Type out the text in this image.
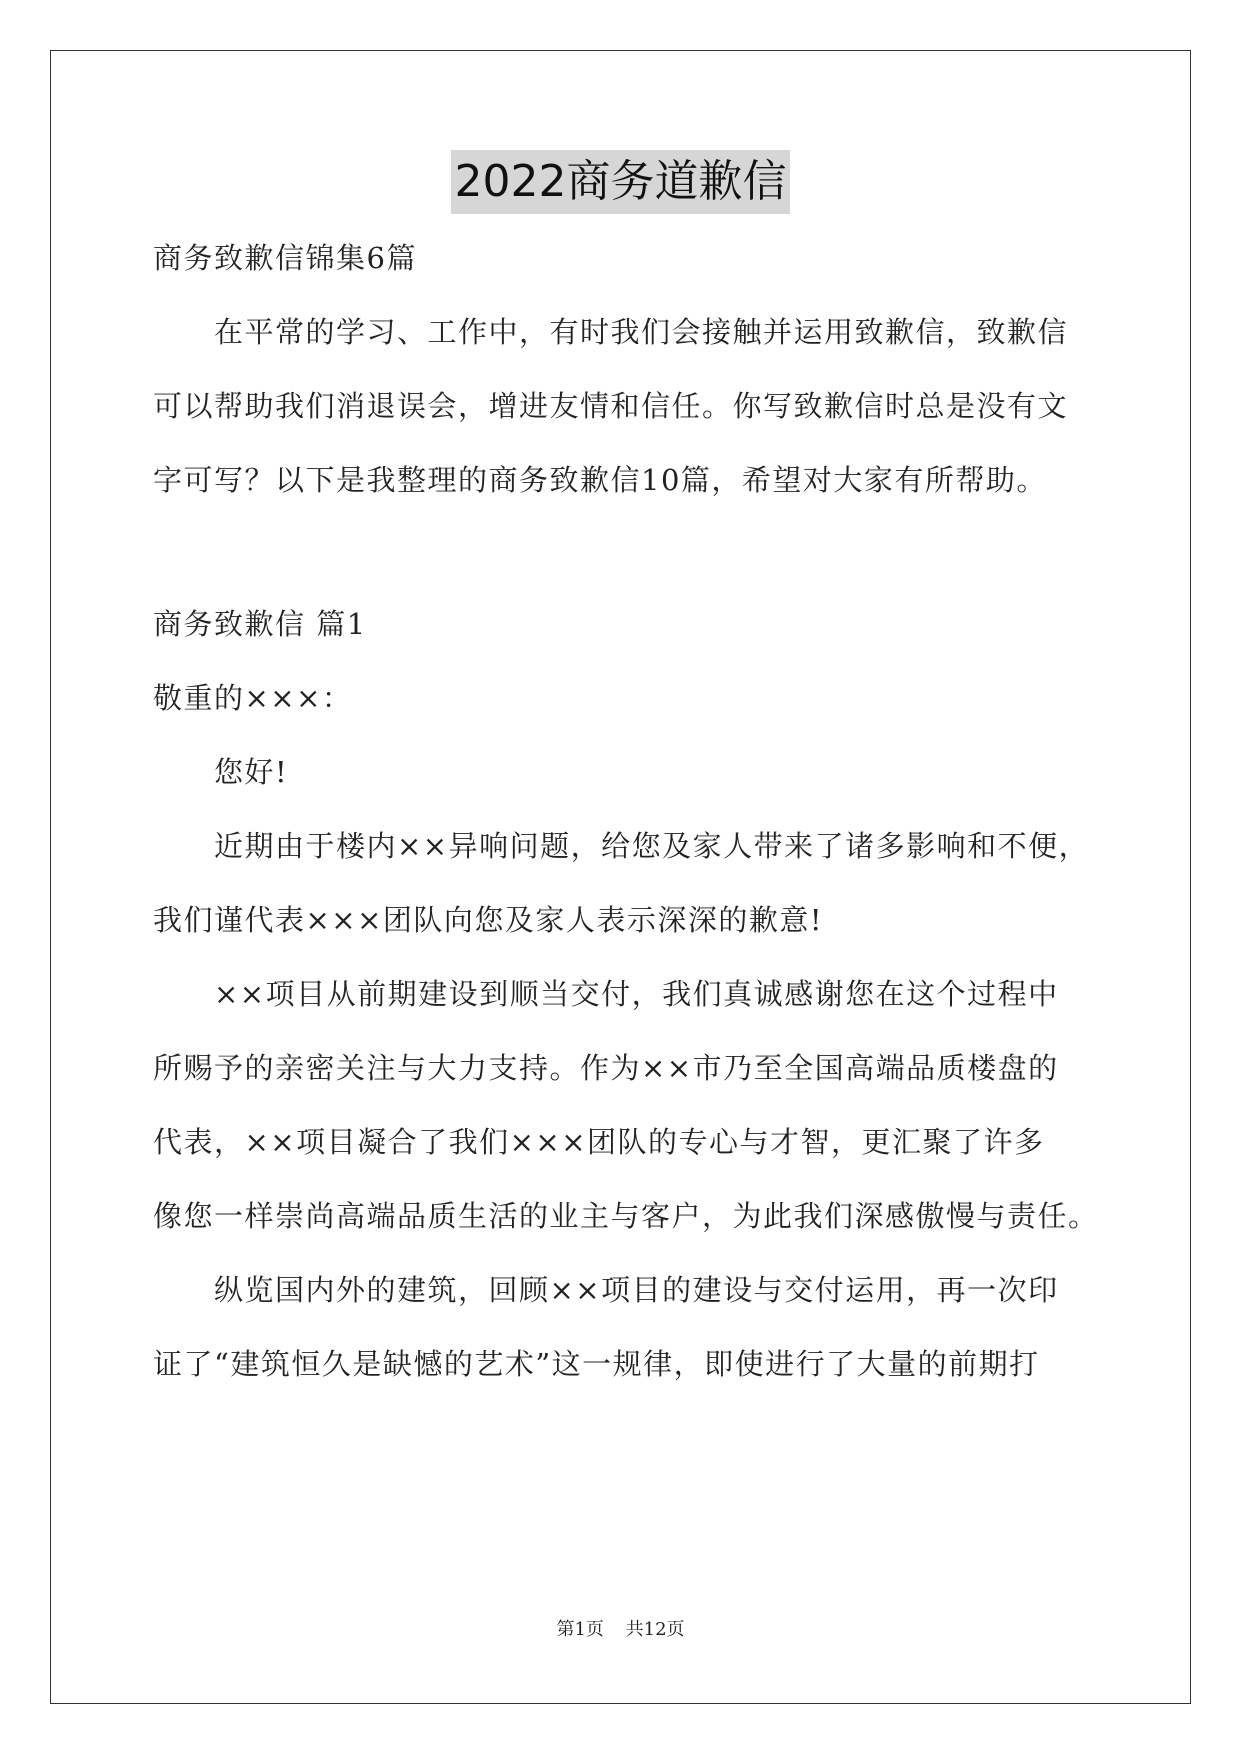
2022商务道歉信
商务致歉信锦集6篇
在平常的学习、工作中，有时我们会接触并运用致歉信，致歉信
可以帮助我们消退误会，增进友情和信任。你写致歉信时总是没有文
字可写？以下是我整理的商务致歉信10篇，希望对大家有所帮助。
商务致歉信 篇1
敬重的×××：
您好!
近期由于楼内××异响问题，给您及家人带来了诸多影响和不便，
我们谨代表×××团队向您及家人表示深深的歉意!
××项目从前期建设到顺当交付，我们真诚感谢您在这个过程中
所赐予的亲密关注与大力支持。作为××市乃至全国高端品质楼盘的
代表，××项目凝合了我们×××团队的专心与才智，更汇聚了许多
像您一样崇尚高端品质生活的业主与客户，为此我们深感傲慢与责任。
纵览国内外的建筑，回顾××项目的建设与交付运用，再一次印
证了“建筑恒久是缺憾的艺术”这一规律，即使进行了大量的前期打
第1页 共12页
